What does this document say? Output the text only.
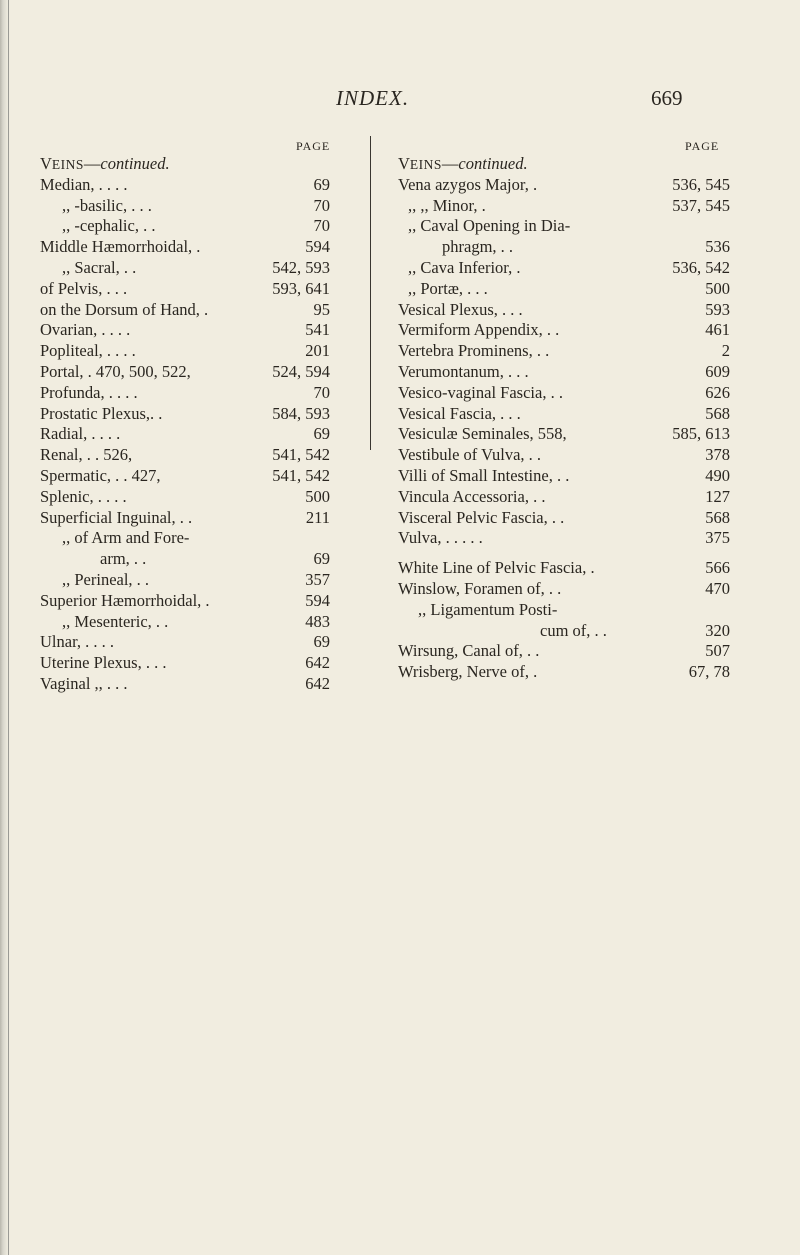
INDEX.	669
PAGE	PAGE
VEINS—continued.
Median, . . . .	69
,, -basilic, . . .	70
,, -cephalic, . .	70
Middle Hæmorrhoidal, .	594
,, Sacral, . .	542, 593
of Pelvis, . . .	593, 641
on the Dorsum of Hand, .	95
Ovarian, . . . .	541
Popliteal, . . . .	201
Portal, . 470, 500, 522,	524, 594
Profunda, . . . .	70
Prostatic Plexus,. .	584, 593
Radial, . . . .	69
Renal, . . 526,	541, 542
Spermatic, . . 427,	541, 542
Splenic, . . . .	500
Superficial Inguinal, . .	211
,, of Arm and Fore-
arm, . .	69
,, Perineal, . .	357
Superior Hæmorrhoidal, .	594
,, Mesenteric, . .	483
Ulnar, . . . .	69
Uterine Plexus, . . .	642
Vaginal ,, . . .	642
VEINS—continued.
Vena azygos Major, .	536, 545
,, ,, Minor, .	537, 545
,, Caval Opening in Dia-
phragm, . .	536
,, Cava Inferior, .	536, 542
,, Portæ, . . .	500
Vesical Plexus, . . .	593
Vermiform Appendix, . .	461
Vertebra Prominens, . .	2
Verumontanum, . . .	609
Vesico-vaginal Fascia, . .	626
Vesical Fascia, . . .	568
Vesiculæ Seminales, 558,	585, 613
Vestibule of Vulva, . .	378
Villi of Small Intestine, . .	490
Vincula Accessoria, . .	127
Visceral Pelvic Fascia, . .	568
Vulva, . . . . .	375
White Line of Pelvic Fascia, .	566
Winslow, Foramen of, . .	470
,, Ligamentum Posti-
cum of, . .	320
Wirsung, Canal of, . .	507
Wrisberg, Nerve of, .	67, 78
